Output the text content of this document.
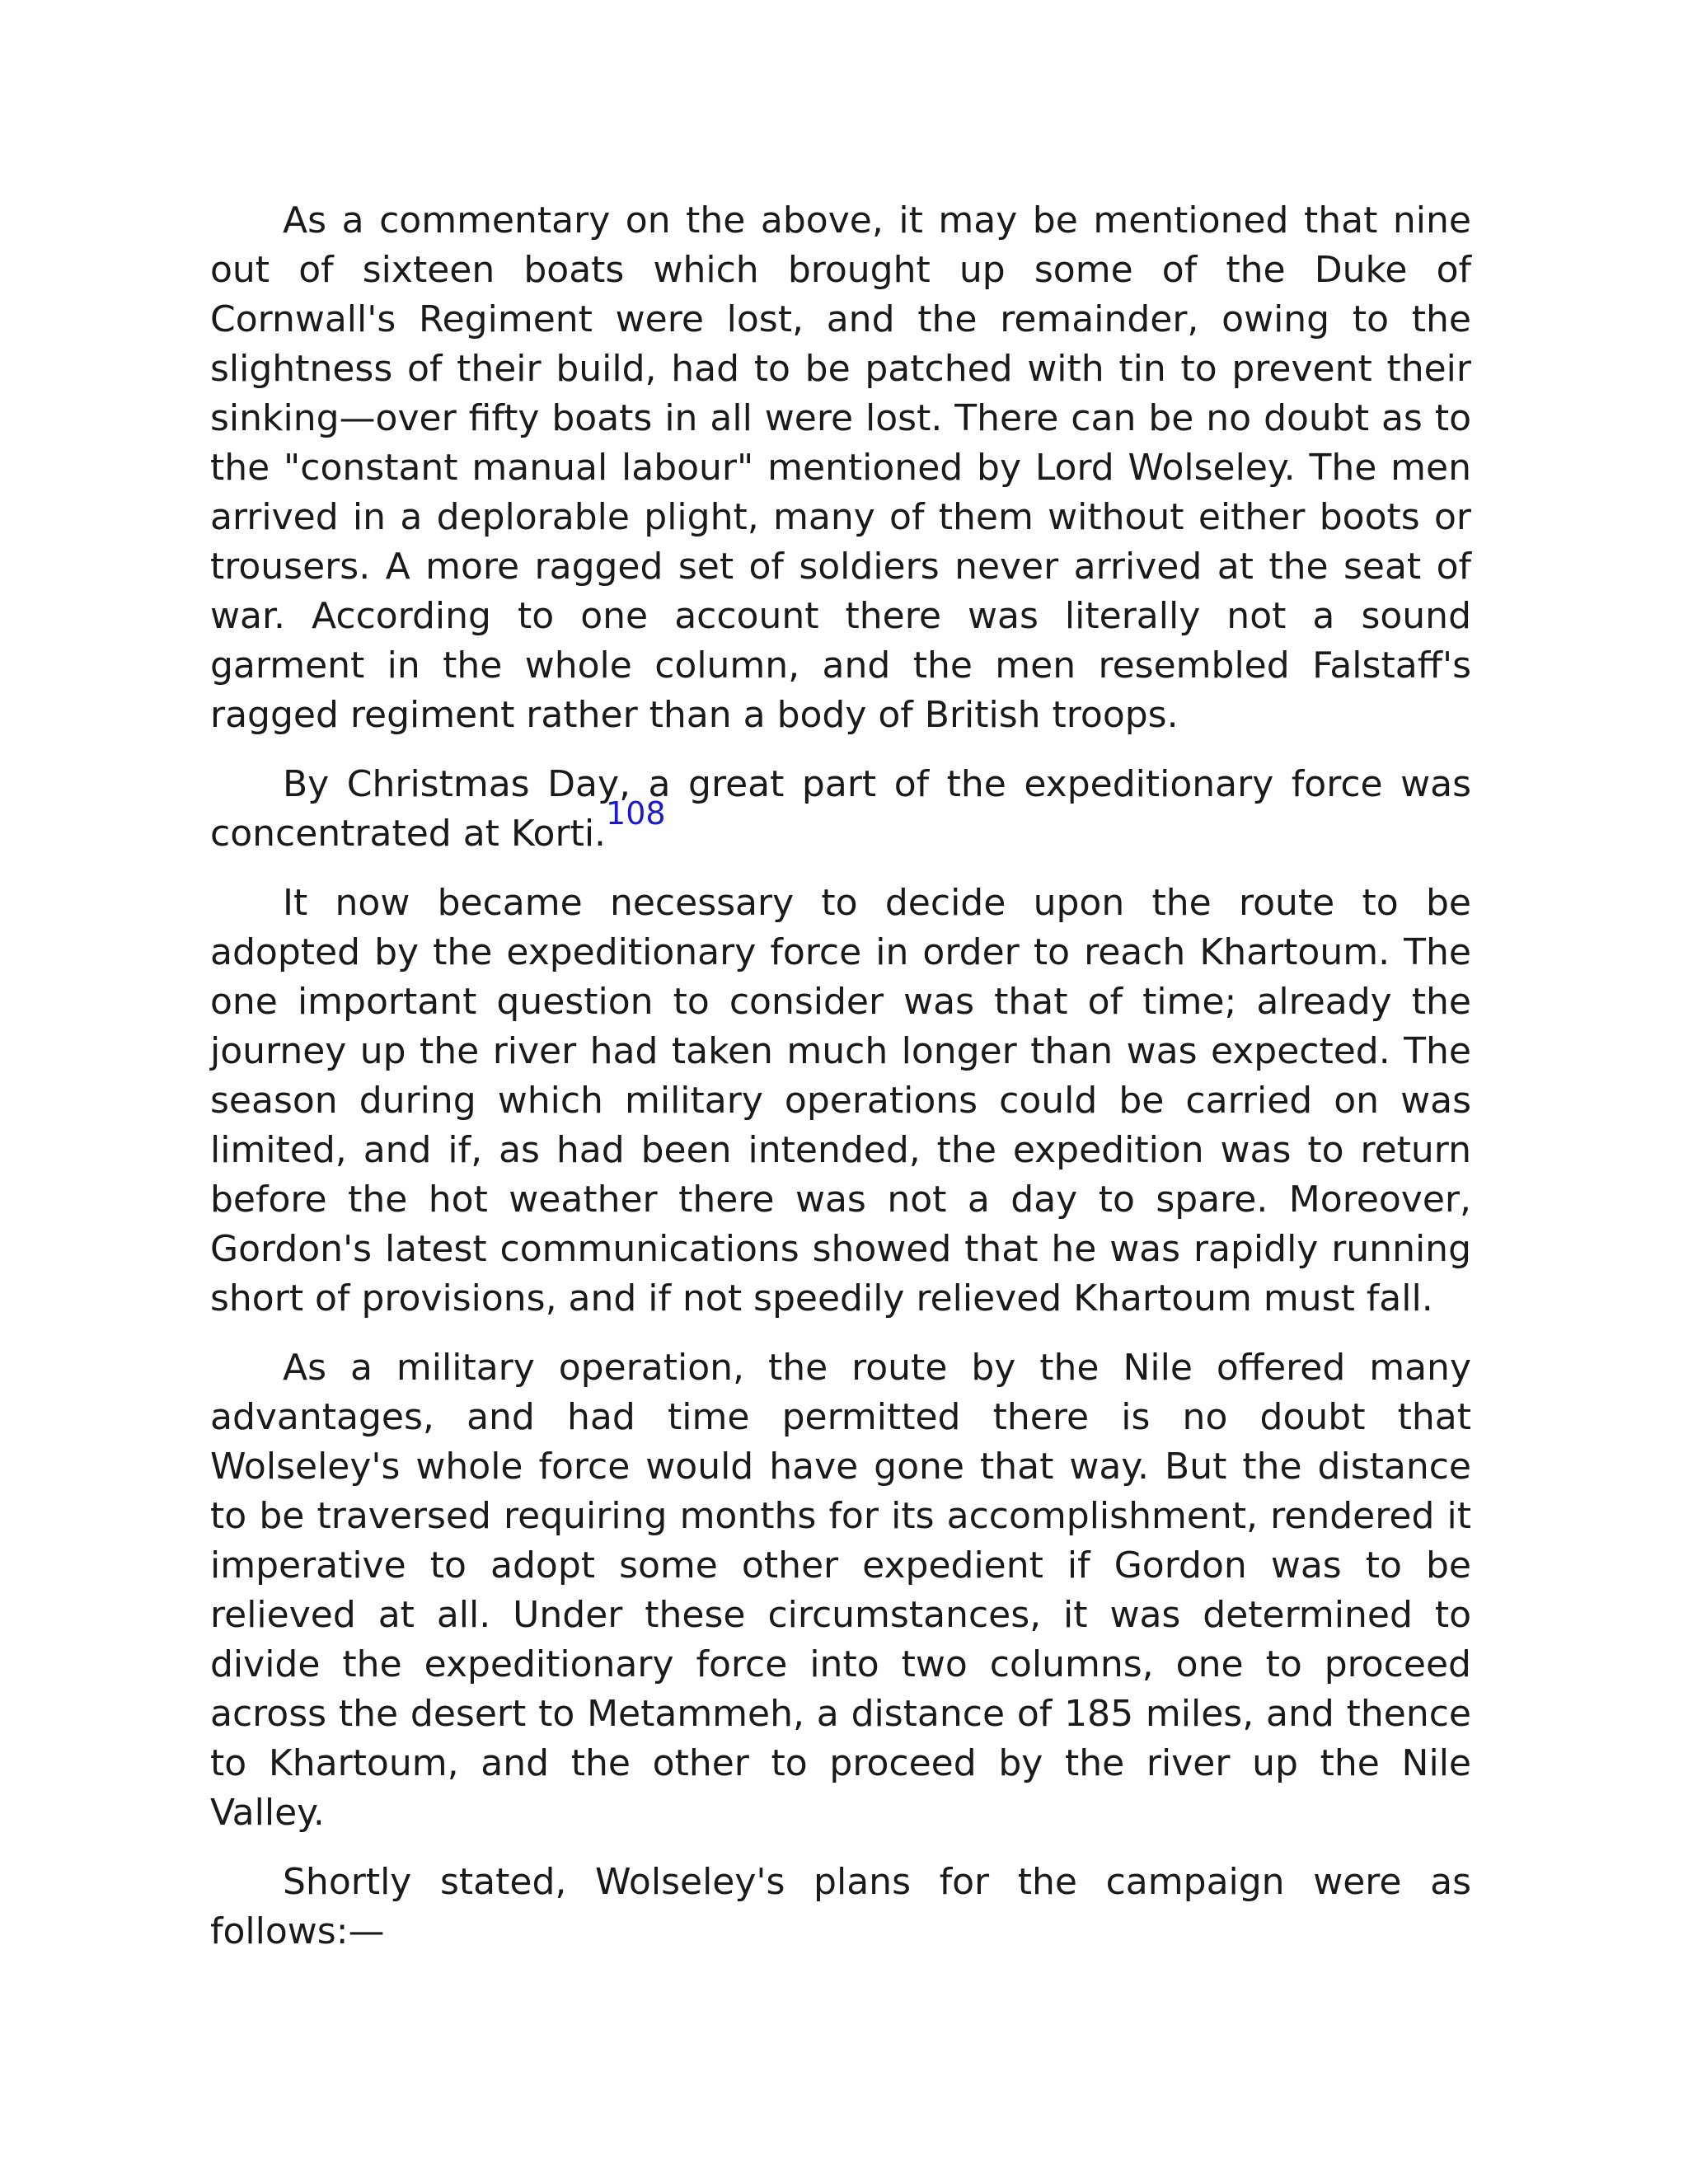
As a commentary on the above, it may be mentioned that nine out of sixteen boats which brought up some of the Duke of Cornwall's Regiment were lost, and the remainder, owing to the slightness of their build, had to be patched with tin to prevent their sinking—over fifty boats in all were lost. There can be no doubt as to the "constant manual labour" mentioned by Lord Wolseley. The men arrived in a deplorable plight, many of them without either boots or trousers. A more ragged set of soldiers never arrived at the seat of war. According to one account there was literally not a sound garment in the whole column, and the men resembled Falstaff's ragged regiment rather than a body of British troops.

By Christmas Day, a great part of the expeditionary force was concentrated at Korti.108

It now became necessary to decide upon the route to be adopted by the expeditionary force in order to reach Khartoum. The one important question to consider was that of time; already the journey up the river had taken much longer than was expected. The season during which military operations could be carried on was limited, and if, as had been intended, the expedition was to return before the hot weather there was not a day to spare. Moreover, Gordon's latest communications showed that he was rapidly running short of provisions, and if not speedily relieved Khartoum must fall.

As a military operation, the route by the Nile offered many advantages, and had time permitted there is no doubt that Wolseley's whole force would have gone that way. But the distance to be traversed requiring months for its accomplishment, rendered it imperative to adopt some other expedient if Gordon was to be relieved at all. Under these circumstances, it was determined to divide the expeditionary force into two columns, one to proceed across the desert to Metammeh, a distance of 185 miles, and thence to Khartoum, and the other to proceed by the river up the Nile Valley.

Shortly stated, Wolseley's plans for the campaign were as follows:—
